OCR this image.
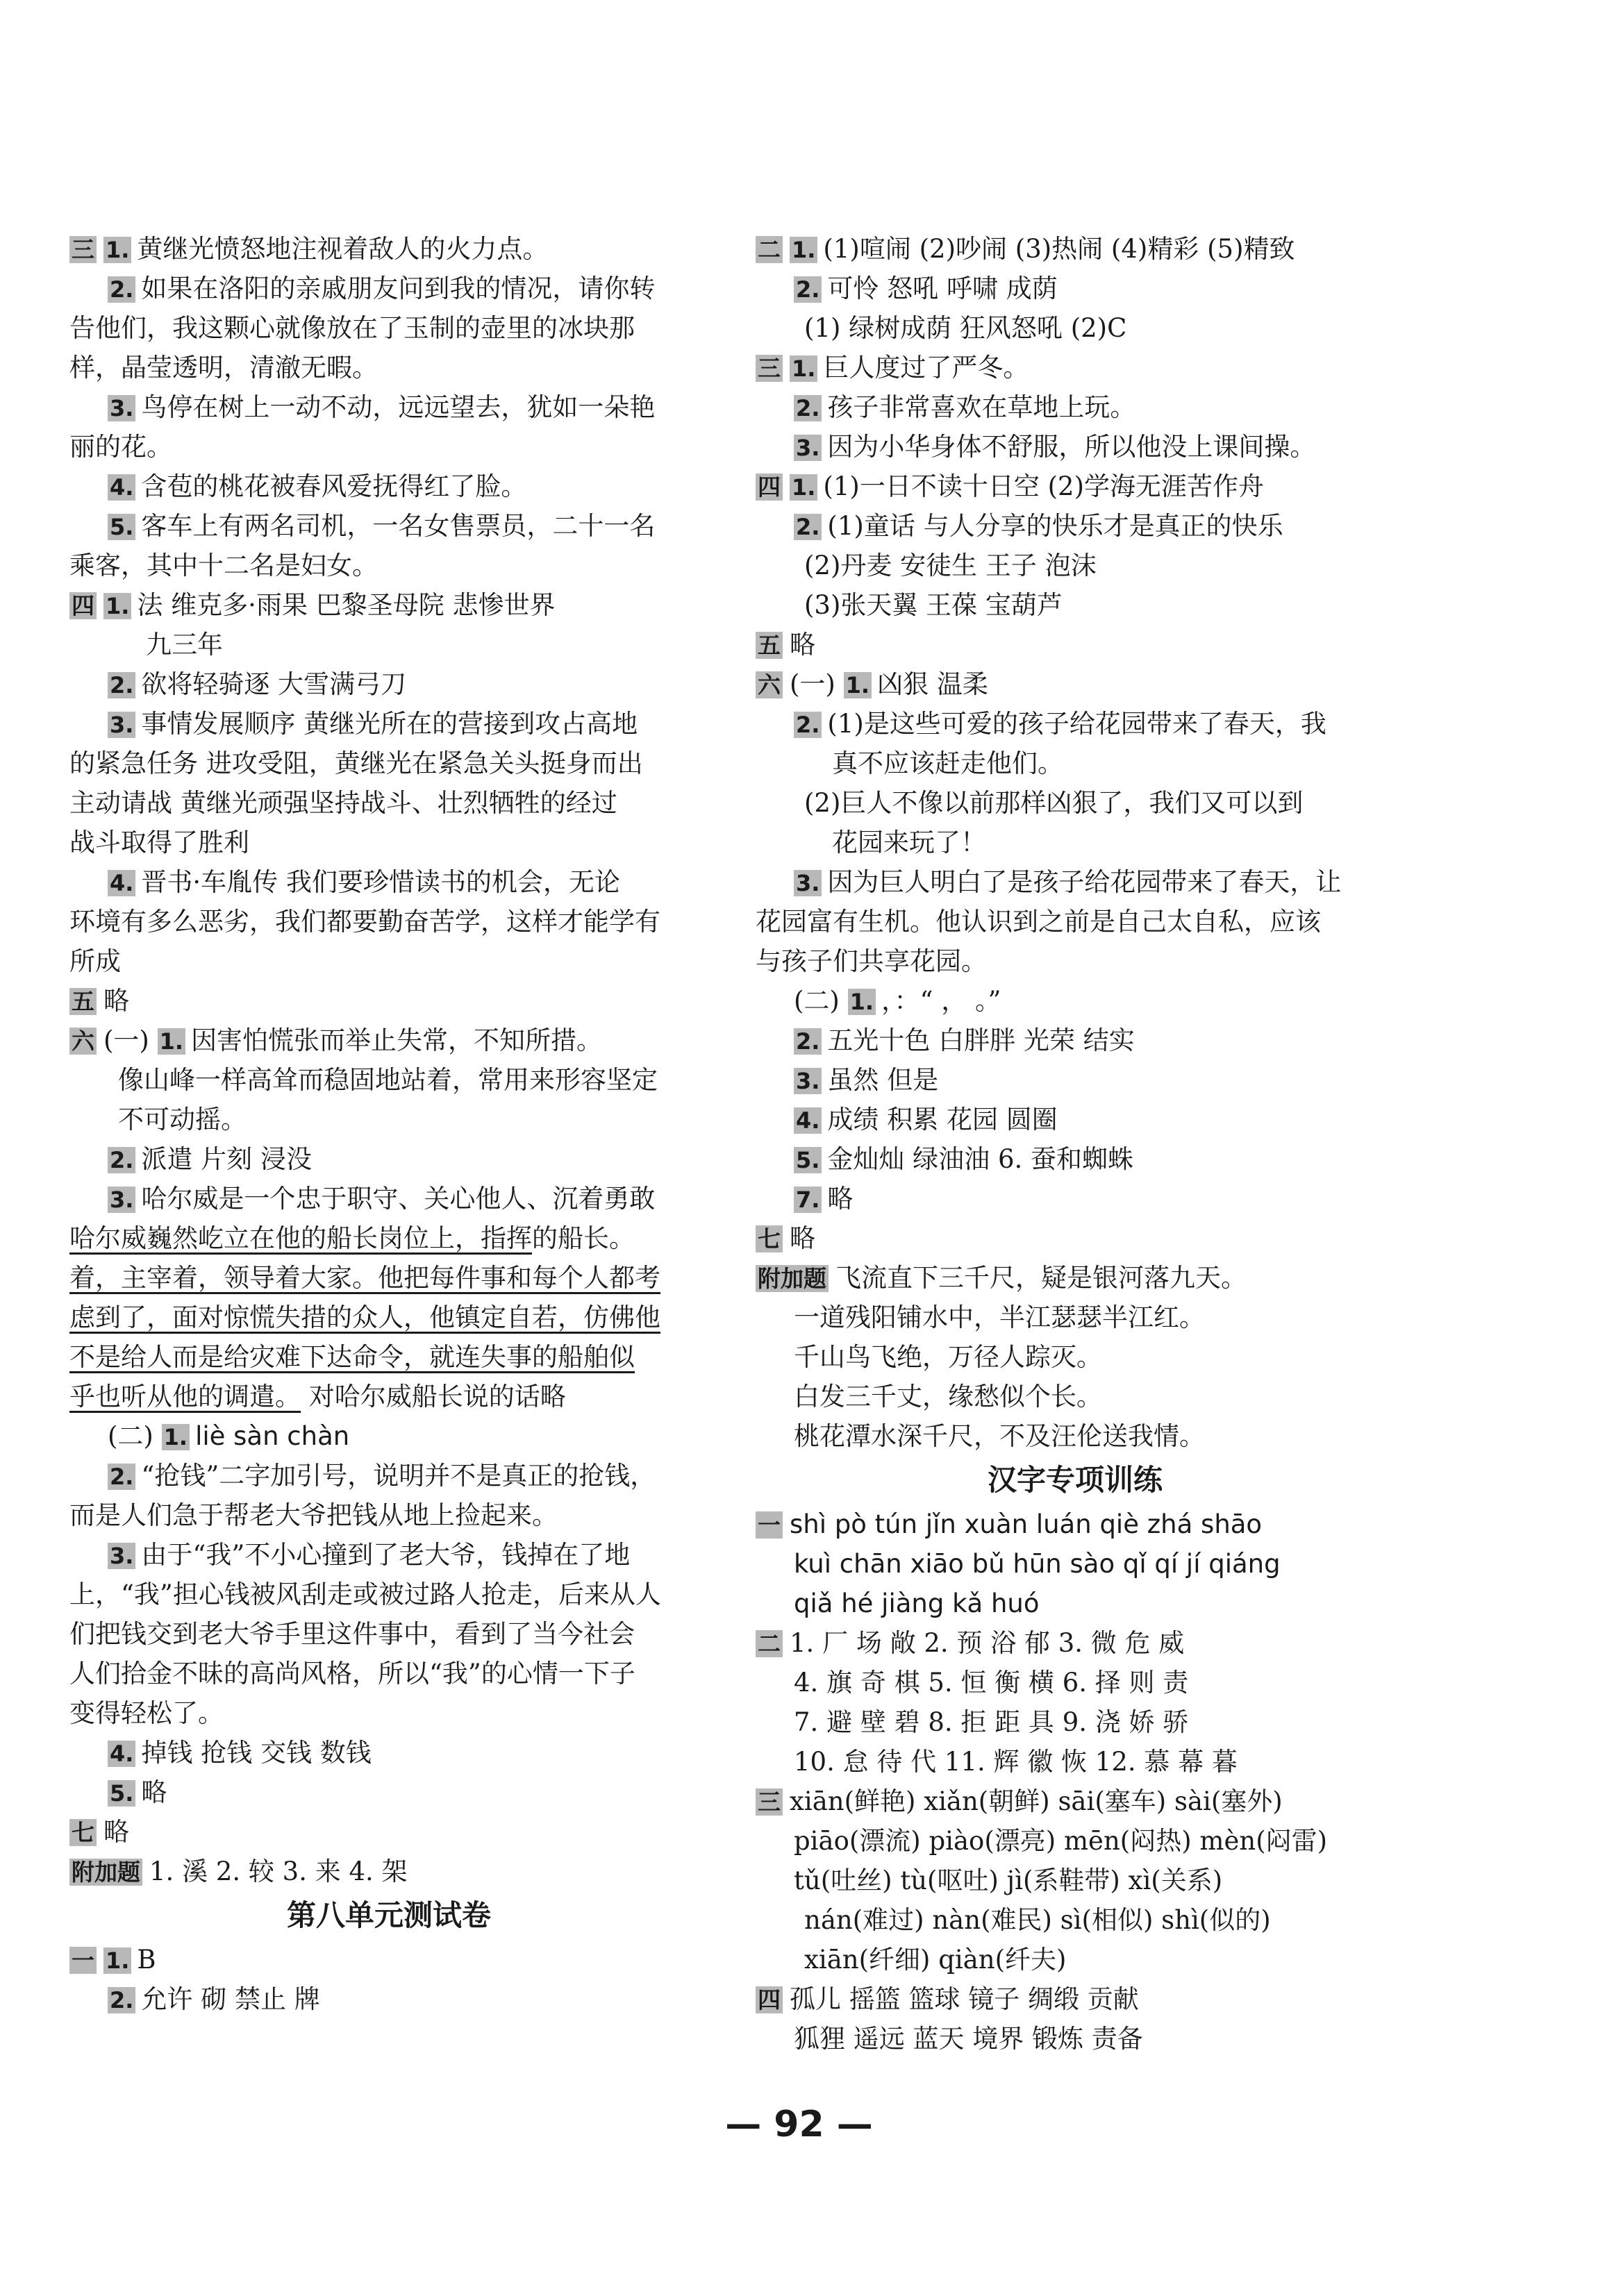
三 1. 黄继光愤怒地注视着敌人的火力点。
2. 如果在洛阳的亲戚朋友问到我的情况，请你转
告他们，我这颗心就像放在了玉制的壶里的冰块那
样，晶莹透明，清澈无暇。
3. 鸟停在树上一动不动，远远望去，犹如一朵艳
丽的花。
4. 含苞的桃花被春风爱抚得红了脸。
5. 客车上有两名司机，一名女售票员，二十一名
乘客，其中十二名是妇女。
四 1. 法 维克多·雨果 巴黎圣母院 悲惨世界
九三年
2. 欲将轻骑逐 大雪满弓刀
3. 事情发展顺序 黄继光所在的营接到攻占高地
的紧急任务 进攻受阻，黄继光在紧急关头挺身而出
主动请战 黄继光顽强坚持战斗、壮烈牺牲的经过
战斗取得了胜利
4. 晋书·车胤传 我们要珍惜读书的机会，无论
环境有多么恶劣，我们都要勤奋苦学，这样才能学有
所成
五 略
六 (一) 1. 因害怕慌张而举止失常，不知所措。
像山峰一样高耸而稳固地站着，常用来形容坚定
不可动摇。
2. 派遣 片刻 浸没
3. 哈尔威是一个忠于职守、关心他人、沉着勇敢
哈尔威巍然屹立在他的船长岗位上，指挥的船长。
着，主宰着，领导着大家。他把每件事和每个人都考
虑到了，面对惊慌失措的众人，他镇定自若，仿佛他
不是给人而是给灾难下达命令，就连失事的船舶似
乎也听从他的调遣。 对哈尔威船长说的话略
(二) 1. liè sàn chàn
2. “抢钱”二字加引号，说明并不是真正的抢钱，
而是人们急于帮老大爷把钱从地上捡起来。
3. 由于“我”不小心撞到了老大爷，钱掉在了地
上，“我”担心钱被风刮走或被过路人抢走，后来从人
们把钱交到老大爷手里这件事中，看到了当今社会
人们拾金不昧的高尚风格，所以“我”的心情一下子
变得轻松了。
4. 掉钱 抢钱 交钱 数钱
5. 略
七 略
附加题 1. 溪 2. 较 3. 来 4. 架
第八单元测试卷
一 1. B
2. 允许 砌 禁止 牌
二 1. (1)喧闹 (2)吵闹 (3)热闹 (4)精彩 (5)精致
2. 可怜 怒吼 呼啸 成荫
(1) 绿树成荫 狂风怒吼 (2)C
三 1. 巨人度过了严冬。
2. 孩子非常喜欢在草地上玩。
3. 因为小华身体不舒服，所以他没上课间操。
四 1. (1)一日不读十日空 (2)学海无涯苦作舟
2. (1)童话 与人分享的快乐才是真正的快乐
(2)丹麦 安徒生 王子 泡沫
(3)张天翼 王葆 宝葫芦
五 略
六 (一) 1. 凶狠 温柔
2. (1)是这些可爱的孩子给花园带来了春天，我
真不应该赶走他们。
(2)巨人不像以前那样凶狠了，我们又可以到
花园来玩了！
3. 因为巨人明白了是孩子给花园带来了春天，让
花园富有生机。他认识到之前是自己太自私，应该
与孩子们共享花园。
(二) 1. ，：“ ， 。”
2. 五光十色 白胖胖 光荣 结实
3. 虽然 但是
4. 成绩 积累 花园 圆圈
5. 金灿灿 绿油油 6. 蚕和蜘蛛
7. 略
七 略
附加题 飞流直下三千尺，疑是银河落九天。
一道残阳铺水中，半江瑟瑟半江红。
千山鸟飞绝，万径人踪灭。
白发三千丈，缘愁似个长。
桃花潭水深千尺，不及汪伦送我情。
汉字专项训练
一 shì pò tún jǐn xuàn luán qiè zhá shāo
kuì chān xiāo bǔ hūn sào qǐ qí jí qiáng
qiǎ hé jiàng kǎ huó
二 1. 厂 场 敞 2. 预 浴 郁 3. 微 危 威
4. 旗 奇 棋 5. 恒 衡 横 6. 择 则 责
7. 避 壁 碧 8. 拒 距 具 9. 浇 娇 骄
10. 怠 待 代 11. 辉 徽 恢 12. 慕 幕 暮
三 xiān(鲜艳) xiǎn(朝鲜) sāi(塞车) sài(塞外)
piāo(漂流) piào(漂亮) mēn(闷热) mèn(闷雷)
tǔ(吐丝) tù(呕吐) jì(系鞋带) xì(关系)
nán(难过) nàn(难民) sì(相似) shì(似的)
xiān(纤细) qiàn(纤夫)
四 孤儿 摇篮 篮球 镜子 绸缎 贡献
狐狸 遥远 蓝天 境界 锻炼 责备
— 92 —
